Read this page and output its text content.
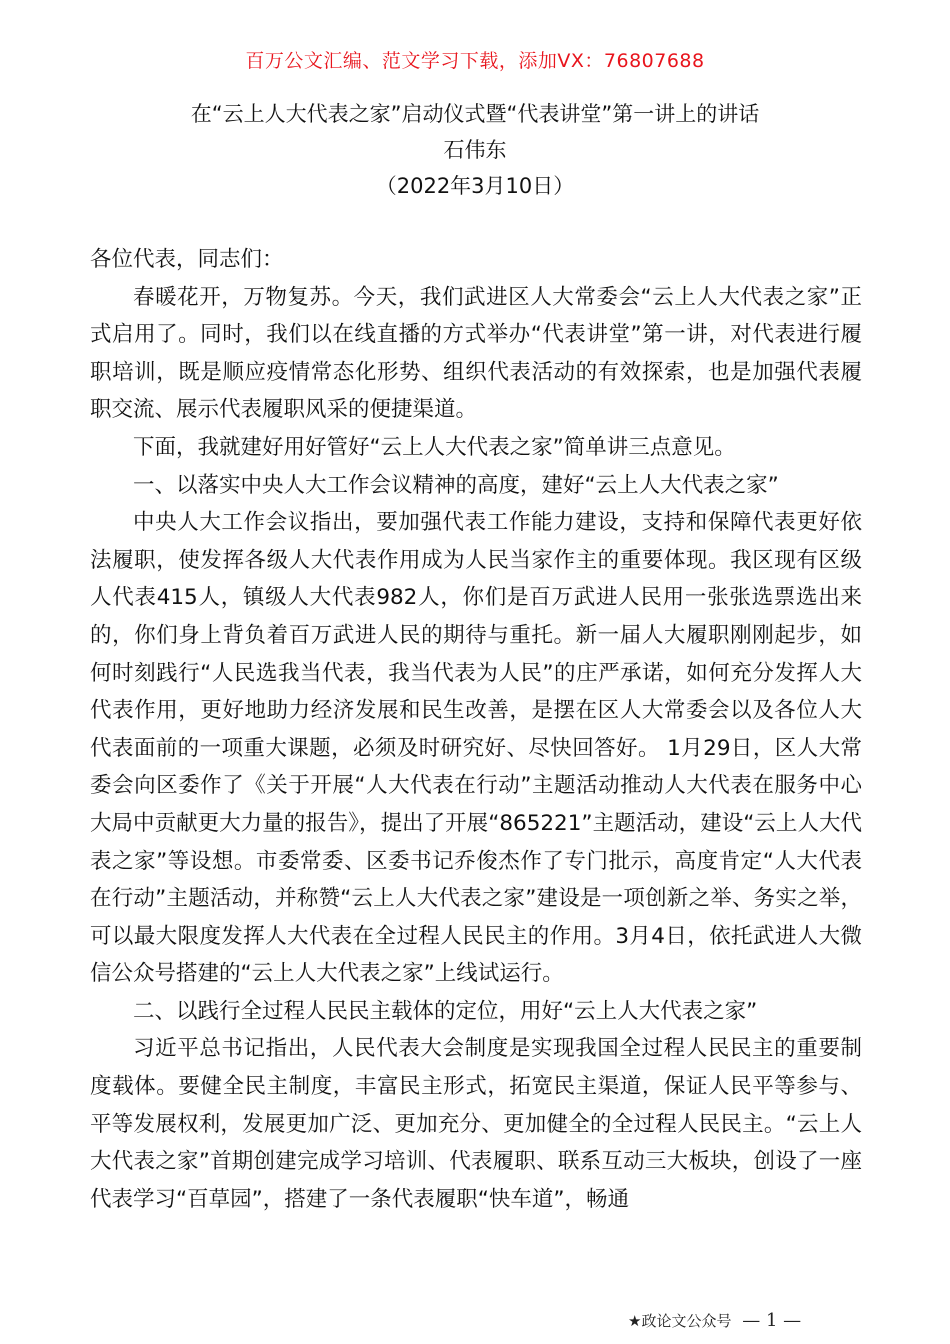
百万公文汇编、范文学习下载，添加VX：76807688

在“云上人大代表之家”启动仪式暨“代表讲堂”第一讲上的讲话

石伟东

（2022年3月10日）

各位代表，同志们：

春暖花开，万物复苏。今天，我们武进区人大常委会“云上人大代表之家”正式启用了。同时，我们以在线直播的方式举办“代表讲堂”第一讲，对代表进行履职培训，既是顺应疫情常态化形势、组织代表活动的有效探索，也是加强代表履职交流、展示代表履职风采的便捷渠道。

下面，我就建好用好管好“云上人大代表之家”简单讲三点意见。

一、以落实中央人大工作会议精神的高度，建好“云上人大代表之家”

中央人大工作会议指出，要加强代表工作能力建设，支持和保障代表更好依法履职，使发挥各级人大代表作用成为人民当家作主的重要体现。我区现有区级人代表415人，镇级人大代表982人，你们是百万武进人民用一张张选票选出来的，你们身上背负着百万武进人民的期待与重托。新一届人大履职刚刚起步，如何时刻践行“人民选我当代表，我当代表为人民”的庄严承诺，如何充分发挥人大代表作用，更好地助力经济发展和民生改善，是摆在区人大常委会以及各位人大代表面前的一项重大课题，必须及时研究好、尽快回答好。 1月29日，区人大常委会向区委作了《关于开展“人大代表在行动”主题活动推动人大代表在服务中心大局中贡献更大力量的报告》，提出了开展“865221”主题活动，建设“云上人大代表之家”等设想。市委常委、区委书记乔俊杰作了专门批示，高度肯定“人大代表在行动”主题活动，并称赞“云上人大代表之家”建设是一项创新之举、务实之举，可以最大限度发挥人大代表在全过程人民民主的作用。3月4日，依托武进人大微信公众号搭建的“云上人大代表之家”上线试运行。

二、以践行全过程人民民主载体的定位，用好“云上人大代表之家”

习近平总书记指出，人民代表大会制度是实现我国全过程人民民主的重要制度载体。要健全民主制度，丰富民主形式，拓宽民主渠道，保证人民平等参与、平等发展权利，发展更加广泛、更加充分、更加健全的全过程人民民主。“云上人大代表之家”首期创建完成学习培训、代表履职、联系互动三大板块，创设了一座代表学习“百草园”，搭建了一条代表履职“快车道”，畅通

★政论文公众号 — 1 —
